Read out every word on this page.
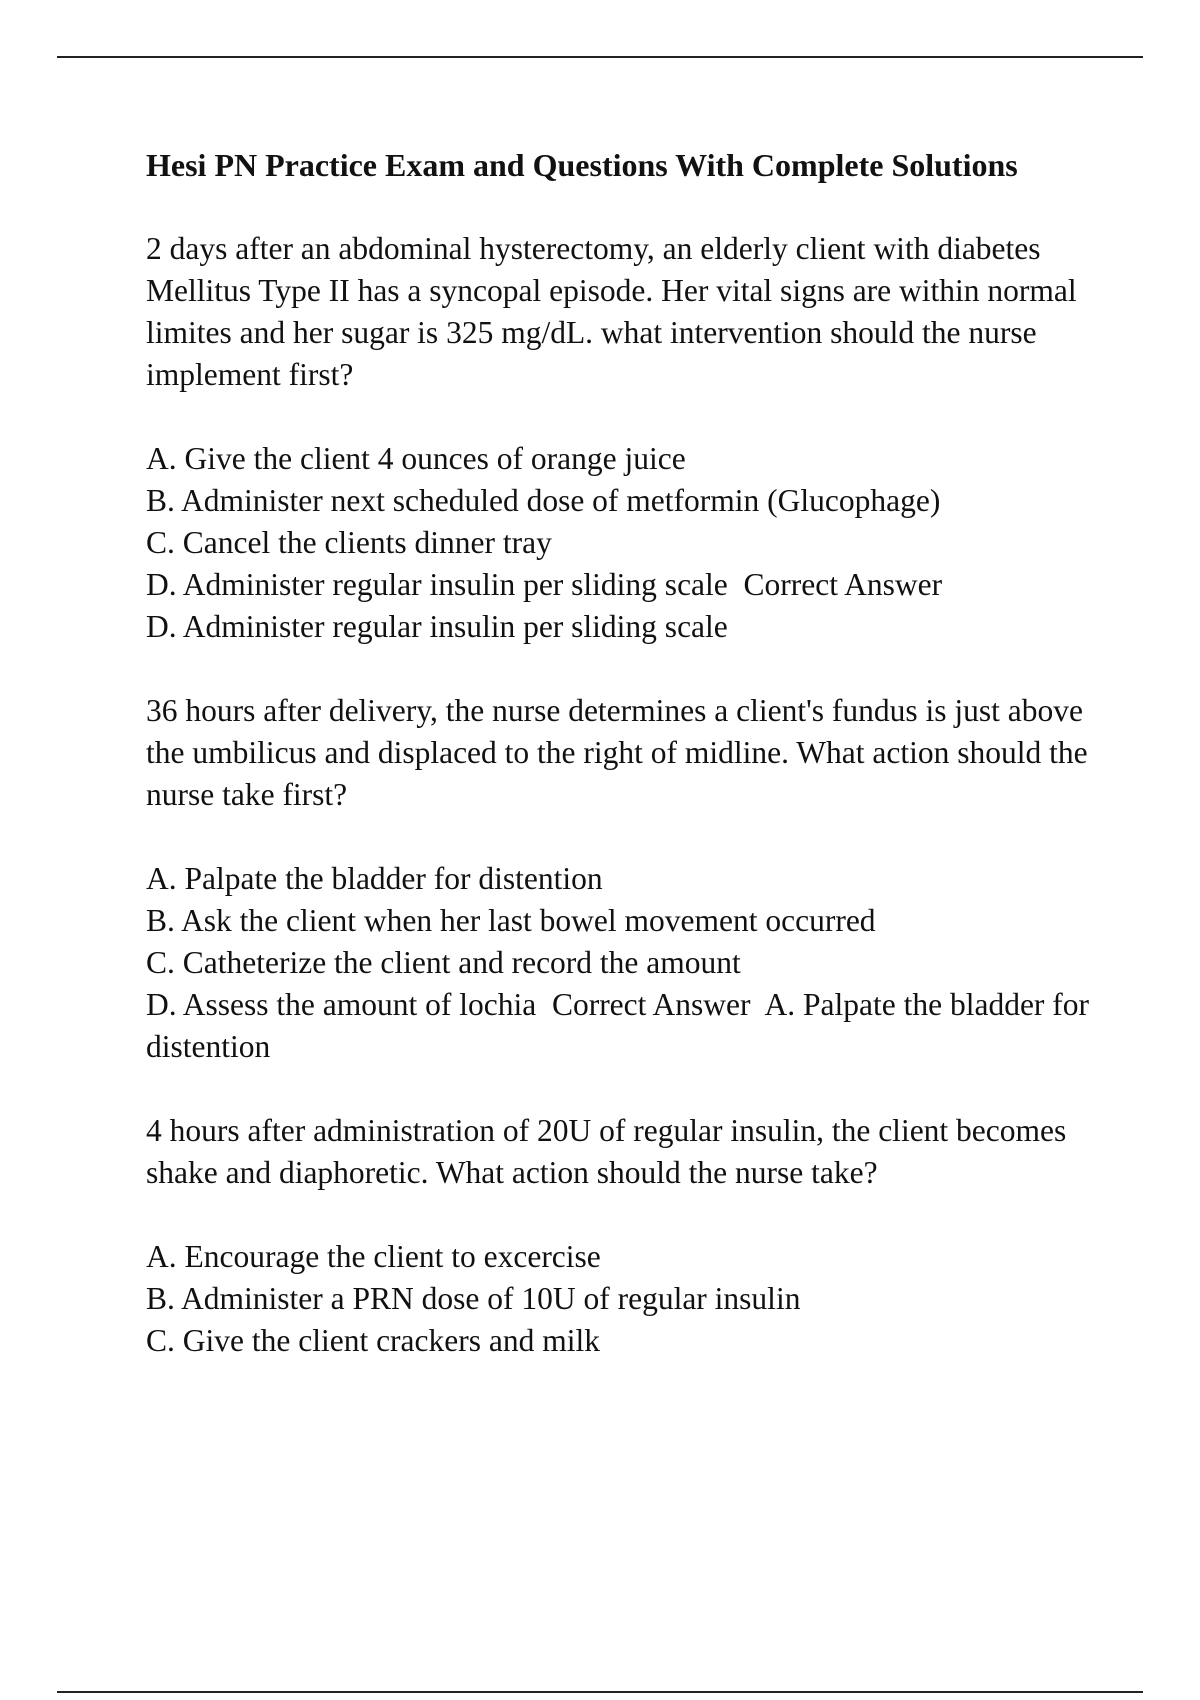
Hesi PN Practice Exam and Questions With Complete Solutions
2 days after an abdominal hysterectomy, an elderly client with diabetes Mellitus Type II has a syncopal episode. Her vital signs are within normal limites and her sugar is 325 mg/dL. what intervention should the nurse implement first?
A. Give the client 4 ounces of orange juice
B. Administer next scheduled dose of metformin (Glucophage)
C. Cancel the clients dinner tray
D. Administer regular insulin per sliding scale  Correct Answer
D. Administer regular insulin per sliding scale
36 hours after delivery, the nurse determines a client's fundus is just above the umbilicus and displaced to the right of midline. What action should the nurse take first?
A. Palpate the bladder for distention
B. Ask the client when her last bowel movement occurred
C. Catheterize the client and record the amount
D. Assess the amount of lochia  Correct Answer  A. Palpate the bladder for distention
4 hours after administration of 20U of regular insulin, the client becomes shake and diaphoretic. What action should the nurse take?
A. Encourage the client to excercise
B. Administer a PRN dose of 10U of regular insulin
C. Give the client crackers and milk
